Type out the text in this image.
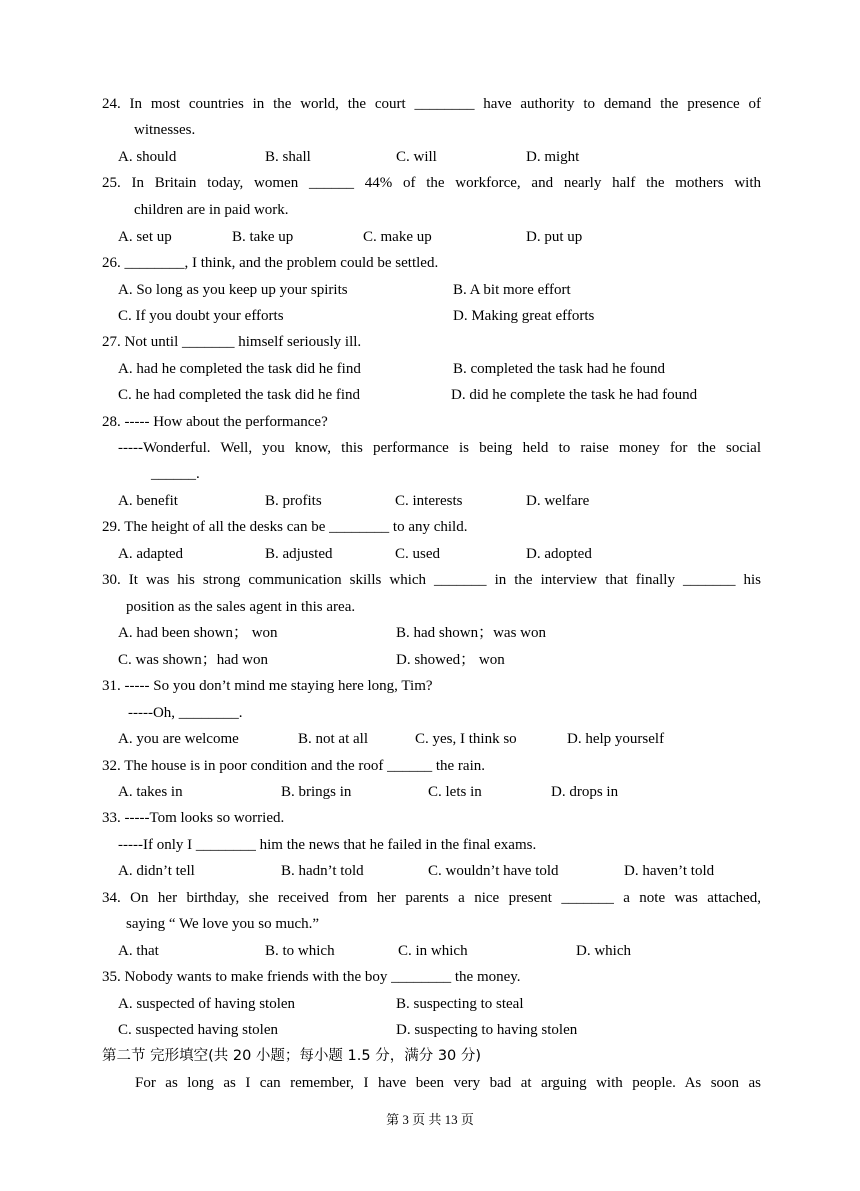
24. In most countries in the world, the court ________ have authority to demand the presence of
witnesses.
A. should	B. shall	C. will	D. might
25. In Britain today, women ______ 44% of the workforce, and nearly half the mothers with
children are in paid work.
A. set up	B. take up	C. make up	D. put up
26. ________, I think, and the problem could be settled.
A. So long as you keep up your spirits	B. A bit more effort
C. If you doubt your efforts	D. Making great efforts
27. Not until _______ himself seriously ill.
A. had he completed the task did he find	B. completed the task had he found
C. he had completed the task did he find	D. did he complete the task he had found
28. ----- How about the performance?
-----Wonderful. Well, you know, this performance is being held to raise money for the social
______.
A. benefit	B. profits	C. interests	D. welfare
29. The height of all the desks can be ________ to any child.
A. adapted	B. adjusted	C. used	D. adopted
30. It was his strong communication skills which _______ in the interview that finally _______ his
position as the sales agent in this area.
A. had been shown； won	B. had shown；was won
C. was shown；had won	D. showed； won
31. ----- So you don’t mind me staying here long, Tim?
-----Oh, ________.
A. you are welcome	B. not at all	C. yes, I think so	D. help yourself
32. The house is in poor condition and the roof ______ the rain.
A. takes in	B. brings in	C. lets in	D. drops in
33. -----Tom looks so worried.
-----If only I ________ him the news that he failed in the final exams.
A. didn’t tell	B. hadn’t told	C. wouldn’t have told	D. haven’t told
34. On her birthday, she received from her parents a nice present _______ a note was attached,
saying “ We love you so much.”
A. that	B. to which	C. in which	D. which
35. Nobody wants to make friends with the boy ________ the money.
A. suspected of having stolen	B. suspecting to steal
C. suspected having stolen	D. suspecting to having stolen
第二节 完形填空(共 20 小题；每小题 1.5 分，满分 30 分)
For as long as I can remember, I have been very bad at arguing with people. As soon as
第 3 页 共 13 页
